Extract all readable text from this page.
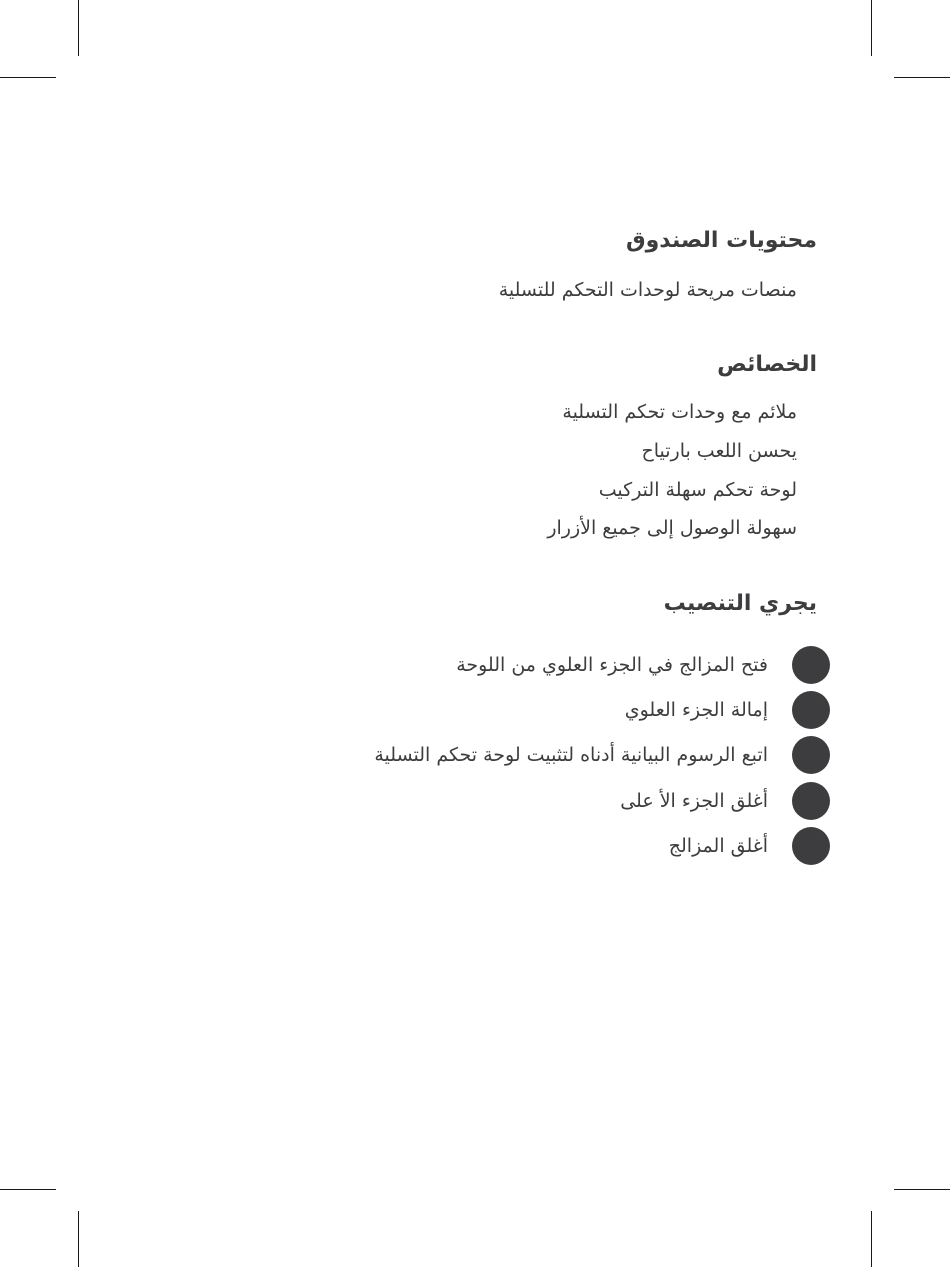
محتويات الصندوق
منصات مريحة لوحدات التحكم للتسلية
الخصائص
ملائم مع وحدات تحكم التسلية
يحسن اللعب بارتياح
لوحة تحكم سهلة التركيب
سهولة الوصول إلى جميع الأزرار
يجري التنصيب
فتح المزالج في الجزء العلوي من اللوحة
إمالة الجزء العلوي
اتبع الرسوم البيانية أدناه لتثبيت لوحة تحكم التسلية
أغلق الجزء الأ على
أغلق المزالج
